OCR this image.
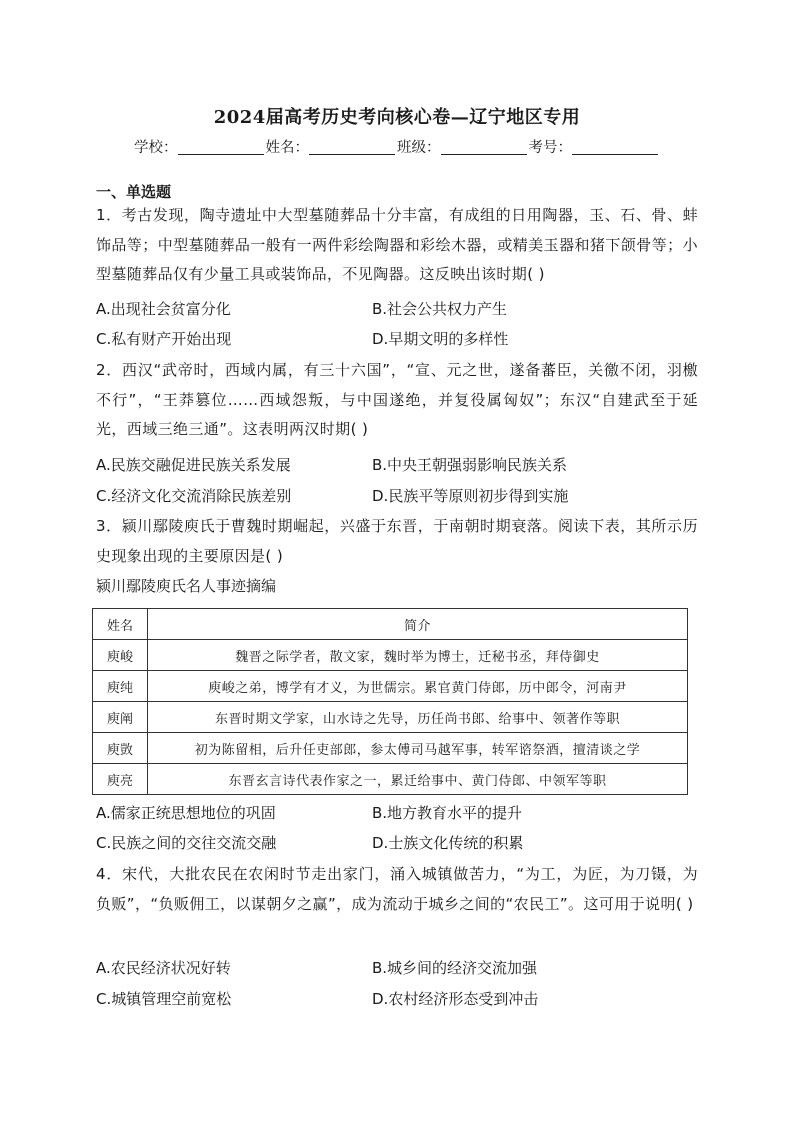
2024届高考历史考向核心卷—辽宁地区专用
学校：	姓名：	班级：	考号：
一、单选题
1．考古发现，陶寺遗址中大型墓随葬品十分丰富，有成组的日用陶器，玉、石、骨、蚌饰品等；中型墓随葬品一般有一两件彩绘陶器和彩绘木器，或精美玉器和猪下颌骨等；小型墓随葬品仅有少量工具或装饰品，不见陶器。这反映出该时期( )
A.出现社会贫富分化	B.社会公共权力产生
C.私有财产开始出现	D.早期文明的多样性
2．西汉“武帝时，西域内属，有三十六国”，“宣、元之世，遂备蕃臣，关徼不闭，羽檄不行”，“王莽篡位……西域怨叛，与中国遂绝，并复役属匈奴”；东汉“自建武至于延光，西域三绝三通”。这表明两汉时期( )
A.民族交融促进民族关系发展	B.中央王朝强弱影响民族关系
C.经济文化交流消除民族差别	D.民族平等原则初步得到实施
3．颍川鄢陵庾氏于曹魏时期崛起，兴盛于东晋，于南朝时期衰落。阅读下表，其所示历史现象出现的主要原因是( )
颍川鄢陵庾氏名人事迹摘编
姓名	简介
庾峻	魏晋之际学者，散文家，魏时举为博士，迁秘书丞，拜侍御史
庾纯	庾峻之弟，博学有才义，为世儒宗。累官黄门侍郎，历中郎令，河南尹
庾阐	东晋时期文学家，山水诗之先导，历任尚书郎、给事中、领著作等职
庾敳	初为陈留相，后升任吏部郎，参太傅司马越军事，转军谘祭酒，擅清谈之学
庾亮	东晋玄言诗代表作家之一，累迁给事中、黄门侍郎、中领军等职
A.儒家正统思想地位的巩固	B.地方教育水平的提升
C.民族之间的交往交流交融	D.士族文化传统的积累
4．宋代，大批农民在农闲时节走出家门，涌入城镇做苦力，“为工，为匠，为刀镊，为负贩”，“负贩佣工，以谋朝夕之赢”，成为流动于城乡之间的“农民工”。这可用于说明( )
A.农民经济状况好转	B.城乡间的经济交流加强
C.城镇管理空前宽松	D.农村经济形态受到冲击
